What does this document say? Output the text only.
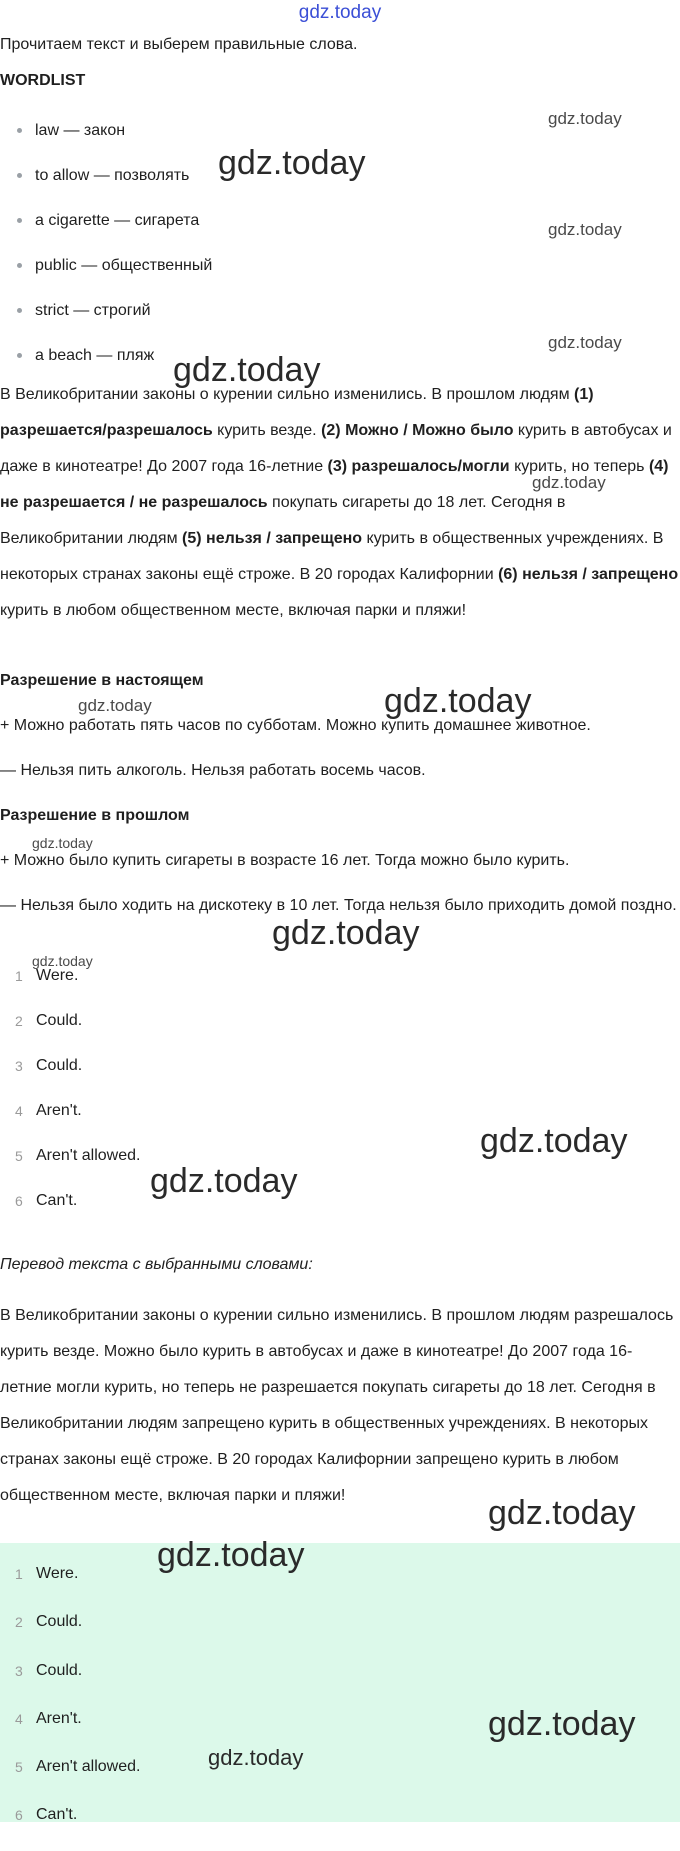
gdz.today
Прочитаем текст и выберем правильные слова.
WORDLIST
law — закон
to allow — позволять
a cigarette — сигарета
public — общественный
strict — строгий
a beach — пляж
В Великобритании законы о курении сильно изменились. В прошлом людям (1) разрешается/разрешалось курить везде. (2) Можно / Можно было курить в автобусах и даже в кинотеатре! До 2007 года 16-летние (3) разрешалось/могли курить, но теперь (4) не разрешается / не разрешалось покупать сигареты до 18 лет. Сегодня в Великобритании людям (5) нельзя / запрещено курить в общественных учреждениях. В некоторых странах законы ещё строже. В 20 городах Калифорнии (6) нельзя / запрещено курить в любом общественном месте, включая парки и пляжи!
Разрешение в настоящем
+ Можно работать пять часов по субботам. Можно купить домашнее животное.
— Нельзя пить алкоголь. Нельзя работать восемь часов.
Разрешение в прошлом
+ Можно было купить сигареты в возрасте 16 лет. Тогда можно было курить.
— Нельзя было ходить на дискотеку в 10 лет. Тогда нельзя было приходить домой поздно.
1 Were.
2 Could.
3 Could.
4 Aren't.
5 Aren't allowed.
6 Can't.
Перевод текста с выбранными словами:
В Великобритании законы о курении сильно изменились. В прошлом людям разрешалось курить везде. Можно было курить в автобусах и даже в кинотеатре! До 2007 года 16-летние могли курить, но теперь не разрешается покупать сигареты до 18 лет. Сегодня в Великобритании людям запрещено курить в общественных учреждениях. В некоторых странах законы ещё строже. В 20 городах Калифорнии запрещено курить в любом общественном месте, включая парки и пляжи!
1 Were.
2 Could.
3 Could.
4 Aren't.
5 Aren't allowed.
6 Can't.
gdz.today
gdz.today
gdz.today
gdz.today
gdz.today
gdz.today
gdz.today
gdz.today
gdz.today
gdz.today
gdz.today
gdz.today
gdz.today
gdz.today
gdz.today
gdz.today
gdz.today
